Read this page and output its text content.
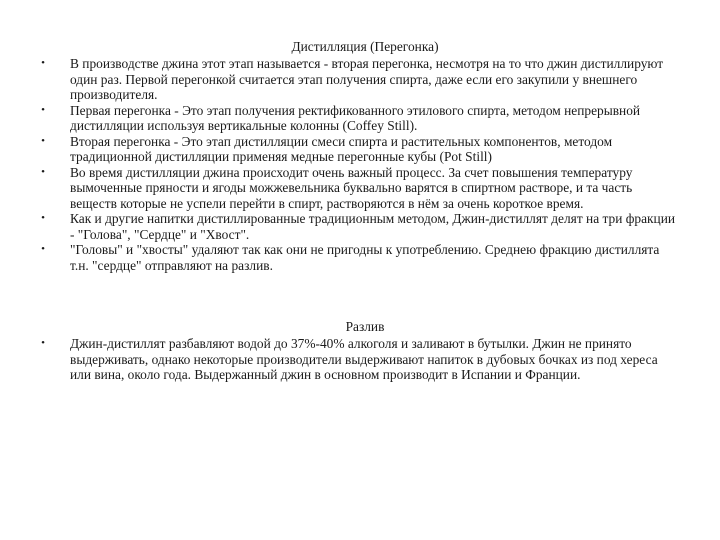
Дистилляция (Перегонка)
•	В производстве джина этот этап называется - вторая перегонка, несмотря на то что джин дистиллируют один раз. Первой перегонкой считается этап получения спирта, даже если его закупили у внешнего производителя.
•	Первая перегонка - Это этап получения ректификованного этилового спирта, методом непрерывной дистилляции используя вертикальные колонны (Coffey Still).
•	Вторая перегонка - Это этап дистилляции смеси спирта и растительных компонентов, методом традиционной дистилляции применяя медные перегонные кубы (Pot Still)
•	Во время дистилляции джина происходит очень важный процесс. За счет повышения температуру вымоченные пряности и ягоды можжевельника буквально варятся в спиртном растворе, и та часть веществ которые не успели перейти в спирт, растворяются в нём за очень короткое время.
•	Как и другие напитки дистиллированные традиционным методом, Джин-дистиллят делят на три фракции - "Голова", "Сердце" и "Хвост".
•	"Головы" и "хвосты" удаляют так как они не пригодны к употреблению. Среднею фракцию дистиллята т.н. "сердце" отправляют на разлив.
Разлив
•	Джин-дистиллят разбавляют водой до 37%-40% алкоголя и заливают в бутылки. Джин не принято выдерживать, однако некоторые производители выдерживают напиток в дубовых бочках из под хереса или вина, около года. Выдержанный джин в основном производит в Испании и Франции.
